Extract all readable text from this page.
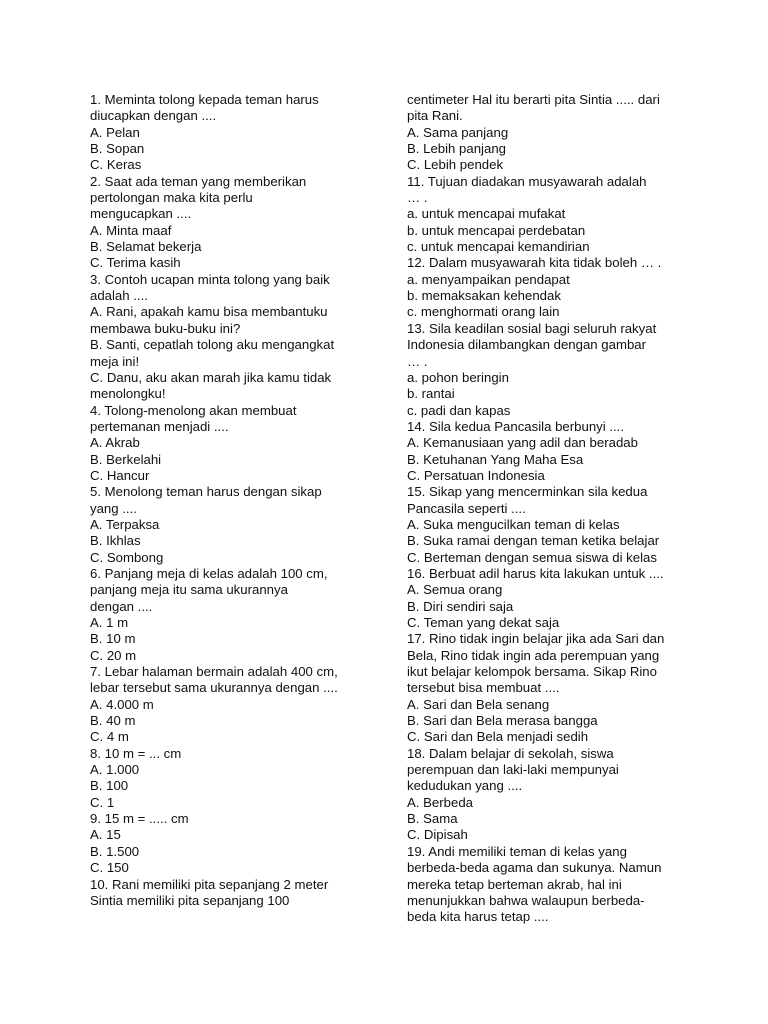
1. Meminta tolong kepada teman harus
diucapkan dengan ....
A. Pelan
B. Sopan
C. Keras
2. Saat ada teman yang memberikan
pertolongan maka kita perlu
mengucapkan ....
A. Minta maaf
B. Selamat bekerja
C. Terima kasih
3. Contoh ucapan minta tolong yang baik
adalah ....
A. Rani, apakah kamu bisa membantuku
membawa buku-buku ini?
B. Santi, cepatlah tolong aku mengangkat
meja ini!
C. Danu, aku akan marah jika kamu tidak
menolongku!
4. Tolong-menolong akan membuat
pertemanan menjadi ....
A. Akrab
B. Berkelahi
C. Hancur
5. Menolong teman harus dengan sikap
yang ....
A. Terpaksa
B. Ikhlas
C. Sombong
6. Panjang meja di kelas adalah 100 cm,
panjang meja itu sama ukurannya
dengan ....
A. 1 m
B. 10 m
C. 20 m
7. Lebar halaman bermain adalah 400 cm,
lebar tersebut sama ukurannya dengan ....
A. 4.000 m
B. 40 m
C. 4 m
8. 10 m = ... cm
A. 1.000
B. 100
C. 1
9. 15 m = ..... cm
A. 15
B. 1.500
C. 150
10. Rani memiliki pita sepanjang 2 meter
Sintia memiliki pita sepanjang 100
centimeter Hal itu berarti pita Sintia ..... dari
pita Rani.
A. Sama panjang
B. Lebih panjang
C. Lebih pendek
11. Tujuan diadakan musyawarah adalah
… .
a. untuk mencapai mufakat
b. untuk mencapai perdebatan
c. untuk mencapai kemandirian
12. Dalam musyawarah kita tidak boleh … .
a. menyampaikan pendapat
b. memaksakan kehendak
c. menghormati orang lain
13. Sila keadilan sosial bagi seluruh rakyat
Indonesia dilambangkan dengan gambar
… .
a. pohon beringin
b. rantai
c. padi dan kapas
14. Sila kedua Pancasila berbunyi ....
A. Kemanusiaan yang adil dan beradab
B. Ketuhanan Yang Maha Esa
C. Persatuan Indonesia
15. Sikap yang mencerminkan sila kedua
Pancasila seperti ....
A. Suka mengucilkan teman di kelas
B. Suka ramai dengan teman ketika belajar
C. Berteman dengan semua siswa di kelas
16. Berbuat adil harus kita lakukan untuk ....
A. Semua orang
B. Diri sendiri saja
C. Teman yang dekat saja
17. Rino tidak ingin belajar jika ada Sari dan
Bela, Rino tidak ingin ada perempuan yang
ikut belajar kelompok bersama. Sikap Rino
tersebut bisa membuat ....
A. Sari dan Bela senang
B. Sari dan Bela merasa bangga
C. Sari dan Bela menjadi sedih
18. Dalam belajar di sekolah, siswa
perempuan dan laki-laki mempunyai
kedudukan yang ....
A. Berbeda
B. Sama
C. Dipisah
19. Andi memiliki teman di kelas yang
berbeda-beda agama dan sukunya. Namun
mereka tetap berteman akrab, hal ini
menunjukkan bahwa walaupun berbeda-
beda kita harus tetap ....
